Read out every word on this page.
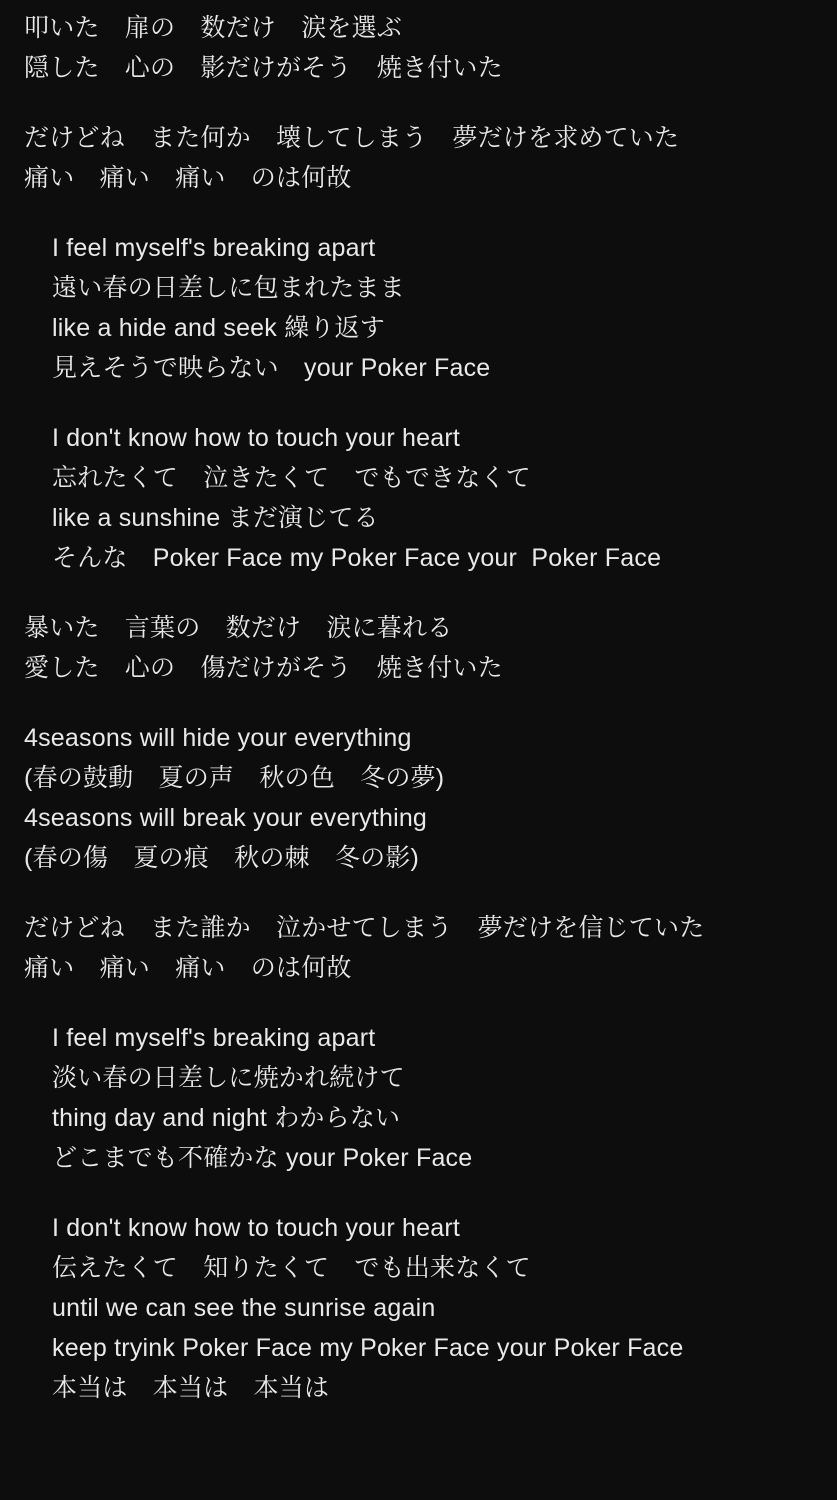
叩いた　扉の　数だけ　涙を選ぶ
隠した　心の　影だけがそう　焼き付いた
だけどね　また何か　壊してしまう　夢だけを求めていた
痛い　痛い　痛い　のは何故
I feel myself's breaking apart
遠い春の日差しに包まれたまま
like a hide and seek 繰り返す
見えそうで映らない　your Poker Face
I don't know how to touch your heart
忘れたくて　泣きたくて　でもできなくて
like a sunshine まだ演じてる
そんな　Poker Face my Poker Face your  Poker Face
暴いた　言葉の　数だけ　涙に暮れる
愛した　心の　傷だけがそう　焼き付いた
4seasons will hide your everything
(春の鼓動　夏の声　秋の色　冬の夢)
4seasons will break your everything
(春の傷　夏の痕　秋の棘　冬の影)
だけどね　また誰か　泣かせてしまう　夢だけを信じていた
痛い　痛い　痛い　のは何故
I feel myself's breaking apart
淡い春の日差しに焼かれ続けて
thing day and night わからない
どこまでも不確かな your Poker Face
I don't know how to touch your heart
伝えたくて　知りたくて　でも出来なくて
until we can see the sunrise again
keep tryink Poker Face my Poker Face your Poker Face
本当は　本当は　本当は
